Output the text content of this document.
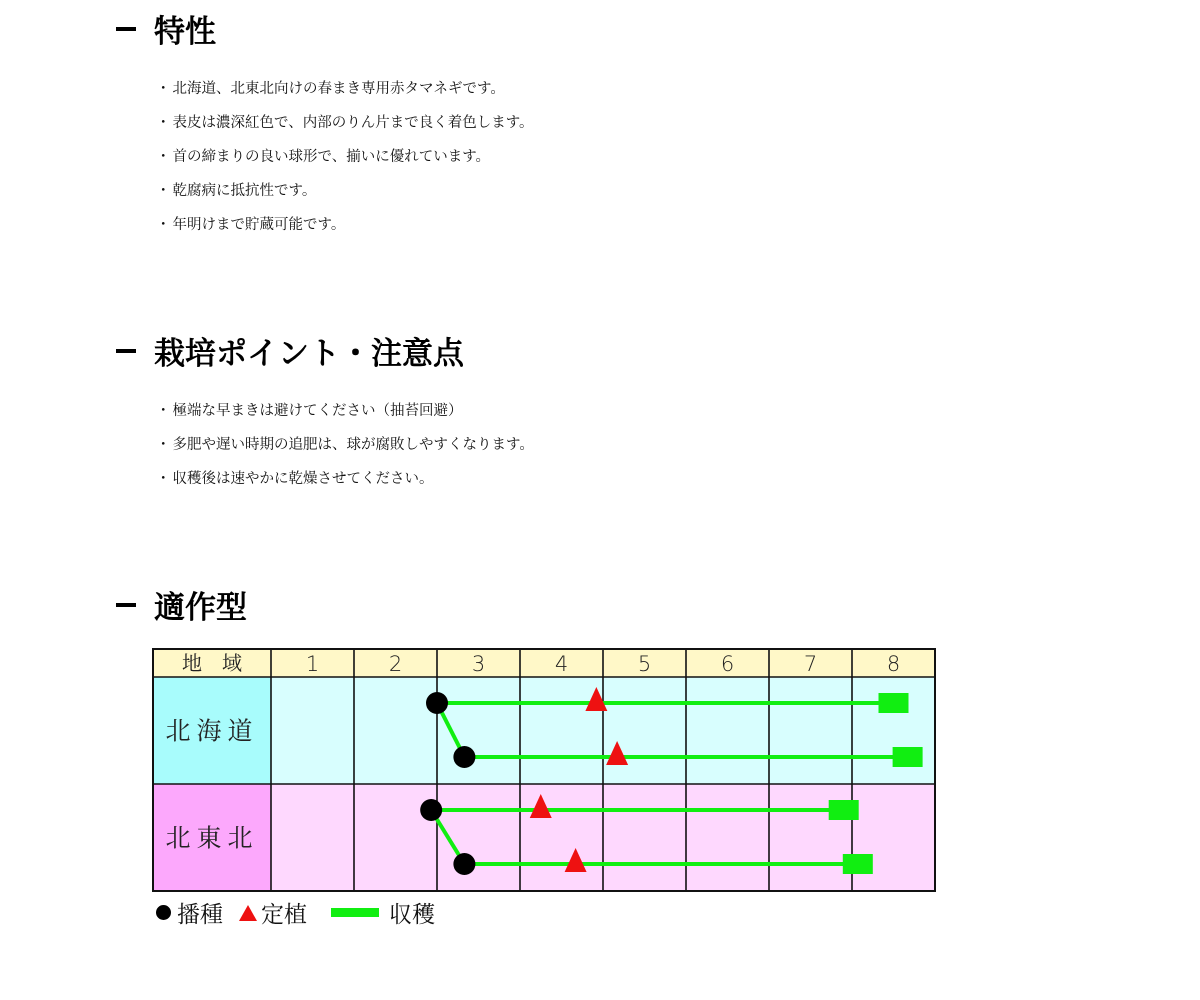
特性
・ 北海道、北東北向けの春まき専用赤タマネギです。
・ 表皮は濃深紅色で、内部のりん片まで良く着色します。
・ 首の締まりの良い球形で、揃いに優れています。
・ 乾腐病に抵抗性です。
・ 年明けまで貯蔵可能です。
栽培ポイント・注意点
・ 極端な早まきは避けてください（抽苔回避）
・ 多肥や遅い時期の追肥は、球が腐敗しやすくなります。
・ 収穫後は速やかに乾燥させてください。
適作型
地　域	1	2	3	4	5	6	7	8
北海道
北東北
播種 定植	収穫
